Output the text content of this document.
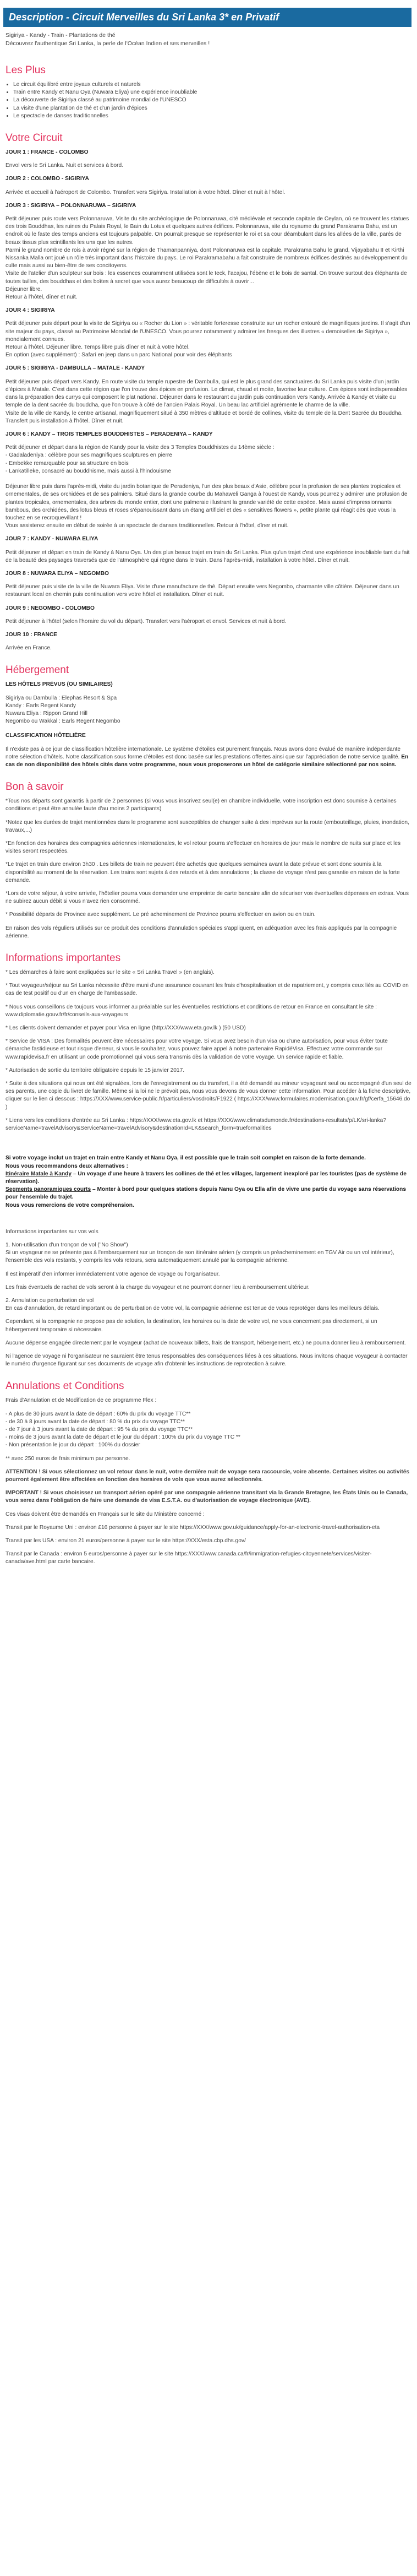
Description - Circuit Merveilles du Sri Lanka 3* en Privatif
Sigiriya - Kandy - Train - Plantations de thé
Découvrez l'authentique Sri Lanka, la perle de l'Océan Indien et ses merveilles !
Les Plus
• Le circuit équilibré entre joyaux culturels et naturels
• Train entre Kandy et Nanu Oya (Nuwara Eliya) une expérience inoubliable
• La découverte de Sigiriya classé au patrimoine mondial de l'UNESCO
• La visite d'une plantation de thé et d'un jardin d'épices
• Le spectacle de danses traditionnelles
Votre Circuit

JOUR 1 : FRANCE - COLOMBO

Envol vers le Sri Lanka. Nuit et services à bord.

JOUR 2 : COLOMBO - SIGIRIYA

Arrivée et accueil à l'aéroport de Colombo. Transfert vers Sigiriya. Installation à votre hôtel. Dîner et nuit à l'hôtel.

JOUR 3 : SIGIRIYA – POLONNARUWA – SIGIRIYA

Petit déjeuner puis route vers Polonnaruwa. Visite du site archéologique de Polonnaruwa, cité médiévale et seconde capitale de Ceylan, où se trouvent les statues des trois Bouddhas, les ruines du Palais Royal, le Bain du Lotus et quelques autres édifices. Polonnaruwa, site du royaume du grand Parakrama Bahu, est un endroit où le faste des temps anciens est toujours palpable. On pourrait presque se représenter le roi et sa cour déambulant dans les allées de la ville, parés de beaux tissus plus scintillants les uns que les autres.
Parmi le grand nombre de rois à avoir régné sur la région de Thamanpanniya, dont Polonnaruwa est la capitale, Parakrama Bahu le grand, Vijayabahu II et Kirthi Nissanka Malla ont joué un rôle très important dans l'histoire du pays. Le roi Parakramabahu a fait construire de nombreux édifices destinés au développement du culte mais aussi au bien-être de ses concitoyens.
Visite de l'atelier d'un sculpteur sur bois : les essences couramment utilisées sont le teck, l'acajou, l'ébène et le bois de santal. On trouve surtout des éléphants de toutes tailles, des bouddhas et des boîtes à secret que vous aurez beaucoup de difficultés à ouvrir…
Déjeuner libre.
Retour à l'hôtel, dîner et nuit.

JOUR 4 : SIGIRIYA

Petit déjeuner puis départ pour la visite de Sigiriya ou « Rocher du Lion » : véritable forteresse construite sur un rocher entouré de magnifiques jardins. Il s'agit d'un site majeur du pays, classé au Patrimoine Mondial de l'UNESCO. Vous pourrez notamment y admirer les fresques des illustres « demoiselles de Sigiriya », mondialement connues.
Retour à l'hôtel. Déjeuner libre. Temps libre puis dîner et nuit à votre hôtel.
En option (avec supplément) : Safari en jeep dans un parc National pour voir des éléphants

JOUR 5 : SIGIRIYA - DAMBULLA – MATALE - KANDY

Petit déjeuner puis départ vers Kandy. En route visite du temple rupestre de Dambulla, qui est le plus grand des sanctuaires du Sri Lanka puis visite d'un jardin d'épices à Matale. C'est dans cette région que l'on trouve des épices en profusion. Le climat, chaud et moite, favorise leur culture. Ces épices sont indispensables dans la préparation des currys qui composent le plat national. Déjeuner dans le restaurant du jardin puis continuation vers Kandy. Arrivée à Kandy et visite du temple de la dent sacrée du bouddha, que l'on trouve à côté de l'ancien Palais Royal. Un beau lac artificiel agrémente le charme de la ville.
Visite de la ville de Kandy, le centre artisanal, magnifiquement situé à 350 mètres d'altitude et bordé de collines, visite du temple de la Dent Sacrée du Bouddha. Transfert puis installation à l'hôtel. Dîner et nuit.

JOUR 6 : KANDY – TROIS TEMPLES BOUDDHISTES – PERADENIYA – KANDY

Petit déjeuner et départ dans la région de Kandy pour la visite des 3 Temples Bouddhistes du 14ème siècle :
- Gadaladeniya : célèbre pour ses magnifiques sculptures en pierre
- Embekke remarquable pour sa structure en bois
- Lankatilleke, consacré au bouddhisme, mais aussi à l'hindouisme

Déjeuner libre puis dans l'après-midi, visite du jardin botanique de Peradeniya, l'un des plus beaux d'Asie, célèbre pour la profusion de ses plantes tropicales et ornementales, de ses orchidées et de ses palmiers. Situé dans la grande courbe du Mahaweli Ganga à l'ouest de Kandy, vous pourrez y admirer une profusion de plantes tropicales, ornementales, des arbres du monde entier, dont une palmeraie illustrant la grande variété de cette espèce. Mais aussi d'impressionnants bambous, des orchidées, des lotus bleus et roses s'épanouissant dans un étang artificiel et des « sensitives flowers », petite plante qui réagit dès que vous la touchez en se recroquevillant !
Vous assisterez ensuite en début de soirée à un spectacle de danses traditionnelles. Retour à l'hôtel, dîner et nuit.

JOUR 7 : KANDY - NUWARA ELIYA

Petit déjeuner et départ en train de Kandy à Nanu Oya. Un des plus beaux trajet en train du Sri Lanka. Plus qu'un trajet c'est une expérience inoubliable tant du fait de la beauté des paysages traversés que de l'atmosphère qui règne dans le train. Dans l'après-midi, installation à votre hôtel. Dîner et nuit.

JOUR 8 : NUWARA ELIYA – NEGOMBO

Petit déjeuner puis visite de la ville de Nuwara Eliya. Visite d'une manufacture de thé. Départ ensuite vers Negombo, charmante ville côtière. Déjeuner dans un restaurant local en chemin puis continuation vers votre hôtel et installation. Dîner et nuit.

JOUR 9 : NEGOMBO - COLOMBO

Petit déjeuner à l'hôtel (selon l'horaire du vol du départ). Transfert vers l'aéroport et envol. Services et nuit à bord.

JOUR 10 : FRANCE

Arrivée en France.

Hébergement

LES HÔTELS PRÉVUS (OU SIMILAIRES)

Sigiriya ou Dambulla : Elephas Resort & Spa
Kandy : Earls Regent Kandy
Nuwara Eliya : Rippon Grand Hill
Negombo ou Wakkal : Earls Regent Negombo

CLASSIFICATION HÔTELIÈRE

Il n'existe pas à ce jour de classification hôtelière internationale. Le système d'étoiles est purement français. Nous avons donc évalué de manière indépendante notre sélection d'hôtels. Notre classification sous forme d'étoiles est donc basée sur les prestations offertes ainsi que sur l'appréciation de notre service qualité. En cas de non disponibilité des hôtels cités dans votre programme, nous vous proposerons un hôtel de catégorie similaire sélectionné par nos soins.

Bon à savoir

*Tous nos départs sont garantis à partir de 2 personnes (si vous vous inscrivez seul(e) en chambre individuelle, votre inscription est donc soumise à certaines conditions et peut être annulée faute d'au moins 2 participants)

*Notez que les durées de trajet mentionnées dans le programme sont susceptibles de changer suite à des imprévus sur la route (embouteillage, pluies, inondation, travaux,...)

*En fonction des horaires des compagnies aériennes internationales, le vol retour pourra s'effectuer en horaires de jour mais le nombre de nuits sur place et les visites seront respectées.

*Le trajet en train dure environ 3h30 . Les billets de train ne peuvent être achetés que quelques semaines avant la date prévue et sont donc soumis à la disponibilité au moment de la réservation. Les trains sont sujets à des retards et à des annulations ; la classe de voyage n'est pas garantie en raison de la forte demande.

*Lors de votre séjour, à votre arrivée, l'hôtelier pourra vous demander une empreinte de carte bancaire afin de sécuriser vos éventuelles dépenses en extras. Vous ne subirez aucun débit si vous n'avez rien consommé.

* Possibilité départs de Province avec supplément. Le pré acheminement de Province pourra s'effectuer en avion ou en train.

En raison des vols réguliers utilisés sur ce produit des conditions d'annulation spéciales s'appliquent, en adéquation avec les frais appliqués par la compagnie aérienne.

Informations importantes

* Les démarches à faire sont expliquées sur le site « Sri Lanka Travel » (en anglais).

* Tout voyageur/séjour au Sri Lanka nécessite d'être muni d'une assurance couvrant les frais d'hospitalisation et de rapatriement, y compris ceux liés au COVID en cas de test positif ou d'un en charge de l'ambassade.

* Nous vous conseillons de toujours vous informer au préalable sur les éventuelles restrictions et conditions de retour en France en consultant le site : www.diplomatie.gouv.fr/fr/conseils-aux-voyageurs

* Les clients doivent demander et payer pour Visa en ligne (http://XXX/www.eta.gov.lk ) (50 USD)

* Service de VISA : Des formalités peuvent être nécessaires pour votre voyage. Si vous avez besoin d'un visa ou d'une autorisation, pour vous éviter toute démarche fastidieuse et tout risque d'erreur, si vous le souhaitez, vous pouvez faire appel à notre partenaire RapidéVisa. Effectuez votre commande sur www.rapidevisa.fr en utilisant un code promotionnel qui vous sera transmis dès la validation de votre voyage. Un service rapide et fiable.

* Autorisation de sortie du territoire obligatoire depuis le 15 janvier 2017.

* Suite à des situations qui nous ont été signalées, lors de l'enregistrement ou du transfert, il a été demandé au mineur voyageant seul ou accompagné d'un seul de ses parents, une copie du livret de famille. Même si la loi ne le prévoit pas, nous vous devons de vous donner cette information. Pour accéder à la fiche descriptive, cliquer sur le lien ci dessous : https://XXX/www.service-public.fr/particuliers/vosdroits/F1922 ( https://XXX/www.formulaires.modernisation.gouv.fr/gf/cerfa_15646.do )

* Liens vers les conditions d'entrée au Sri Lanka : https://XXX/www.eta.gov.lk et https://XXX/www.climatsdumonde.fr/destinations-resultats/p/LK/sri-lanka?serviceName=travelAdvisory&ServiceName=travelAdvisory&destinationId=LK&search_form=trueformalities

Si votre voyage inclut un trajet en train entre Kandy et Nanu Oya, il est possible que le train soit complet en raison de la forte demande.

Nous vous recommandons deux alternatives :

Itinéraire Matale à Kandy – Un voyage d'une heure à travers les collines de thé et les villages, largement inexploré par les touristes (pas de système de réservation).

Segments panoramiques courts – Monter à bord pour quelques stations depuis Nanu Oya ou Ella afin de vivre une partie du voyage sans réservations pour l'ensemble du trajet.

Nous vous remercions de votre compréhension.

Informations importantes sur vos vols

1. Non-utilisation d'un tronçon de vol ("No Show")

Si un voyageur ne se présente pas à l'embarquement sur un tronçon de son itinéraire aérien (y compris un préacheminement en TGV Air ou un vol intérieur), l'ensemble des vols restants, y compris les vols retours, sera automatiquement annulé par la compagnie aérienne.

Il est impératif d'en informer immédiatement votre agence de voyage ou l'organisateur.

Les frais éventuels de rachat de vols seront à la charge du voyageur et ne pourront donner lieu à remboursement ultérieur.

2. Annulation ou perturbation de vol

En cas d'annulation, de retard important ou de perturbation de votre vol, la compagnie aérienne est tenue de vous reprotéger dans les meilleurs délais.

Cependant, si la compagnie ne propose pas de solution, la destination, les horaires ou la date de votre vol, ne vous concernent pas directement, si un hébergement temporaire si nécessaire.

Aucune dépense engagée directement par le voyageur (achat de nouveaux billets, frais de transport, hébergement, etc.) ne pourra donner lieu à remboursement.

Ni l'agence de voyage ni l'organisateur ne sauraient être tenus responsables des conséquences liées à ces situations. Nous invitons chaque voyageur à contacter le numéro d'urgence figurant sur ses documents de voyage afin d'obtenir les instructions de reprotection à suivre.

Annulations et Conditions

Frais d'Annulation et de Modification de ce programme Flex :

- A plus de 30 jours avant la date de départ : 60% du prix du voyage TTC**

- de 30 à 8 jours avant la date de départ : 80 % du prix du voyage TTC**

- de 7 jour à 3 jours avant la date de départ : 95 % du prix du voyage TTC**

- moins de 3 jours avant la date de départ et le jour du départ : 100% du prix du voyage TTC **

- Non présentation le jour du départ : 100% du dossier

** avec 250 euros de frais minimum par personne.

ATTENTION ! Si vous sélectionnez un vol retour dans le nuit, votre dernière nuit de voyage sera raccourcie, voire absente. Certaines visites ou activités pourront également être affectées en fonction des horaires de vols que vous aurez sélectionnés.

IMPORTANT ! Si vous choisissez un transport aérien opéré par une compagnie aérienne transitant via la Grande Bretagne, les États Unis ou le Canada, vous serez dans l'obligation de faire une demande de visa E.S.T.A. ou d'autorisation de voyage électronique (AVE).

Ces visas doivent être demandés en Français sur le site du Ministère concerné :

Transit par le Royaume Uni : environ £16 personne à payer sur le site https://XXX/www.gov.uk/guidance/apply-for-an-electronic-travel-authorisation-eta

Transit par les USA : environ 21 euros/personne à payer sur le site https://XXX/esta.cbp.dhs.gov/

Transit par le Canada : environ 5 euros/personne à payer sur le site https://XXX/www.canada.ca/fr/immigration-refugies-citoyennete/services/visiter-canada/ave.html par carte bancaire.
